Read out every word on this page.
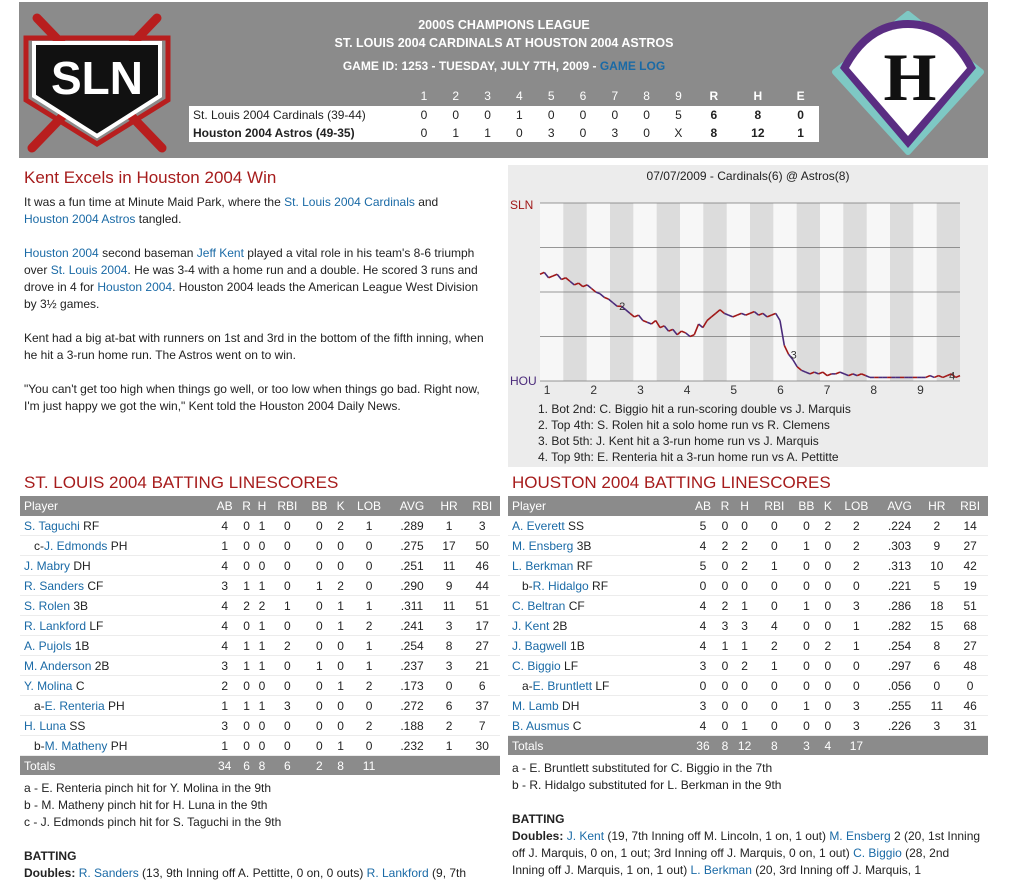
SLN
2000S CHAMPIONS LEAGUE
ST. LOUIS 2004 CARDINALS AT HOUSTON 2004 ASTROS
GAME ID: 1253 - TUESDAY, JULY 7TH, 2009 - GAME LOG
	1	2	3	4	5	6	7	8	9	R	H	E
St. Louis 2004 Cardinals (39-44)	0	0	0	1	0	0	0	0	5	6	8	0
Houston 2004 Astros (49-35)	0	1	1	0	3	0	3	0	X	8	12	1
H
Kent Excels in Houston 2004 Win

It was a fun time at Minute Maid Park, where the St. Louis 2004 Cardinals and Houston 2004 Astros tangled.

Houston 2004 second baseman Jeff Kent played a vital role in his team's 8-6 triumph over St. Louis 2004. He was 3-4 with a home run and a double. He scored 3 runs and drove in 4 for Houston 2004. Houston 2004 leads the American League West Division by 3½ games.

Kent had a big at-bat with runners on 1st and 3rd in the bottom of the fifth inning, when he hit a 3-run home run. The Astros went on to win.

"You can't get too high when things go well, or too low when things go bad. Right now, I'm just happy we got the win," Kent told the Houston 2004 Daily News.

SLN
HOU
1	2	3	4	5	6	7	8	9
2
3
4
07/07/2009 - Cardinals(6) @ Astros(8)
1. Bot 2nd: C. Biggio hit a run-scoring double vs J. Marquis
2. Top 4th: S. Rolen hit a solo home run vs R. Clemens
3. Bot 5th: J. Kent hit a 3-run home run vs J. Marquis
4. Top 9th: E. Renteria hit a 3-run home run vs A. Pettitte
ST. LOUIS 2004 BATTING LINESCORES
Player	AB	R	H	RBI	BB	K	LOB	AVG	HR	RBI
S. Taguchi RF	4	0	1	0	0	2	1	.289	1	3
c-J. Edmonds PH	1	0	0	0	0	0	0	.275	17	50
J. Mabry DH	4	0	0	0	0	0	0	.251	11	46
R. Sanders CF	3	1	1	0	1	2	0	.290	9	44
S. Rolen 3B	4	2	2	1	0	1	1	.311	11	51
R. Lankford LF	4	0	1	0	0	1	2	.241	3	17
A. Pujols 1B	4	1	1	2	0	0	1	.254	8	27
M. Anderson 2B	3	1	1	0	1	0	1	.237	3	21
Y. Molina C	2	0	0	0	0	1	2	.173	0	6
a-E. Renteria PH	1	1	1	3	0	0	0	.272	6	37
H. Luna SS	3	0	0	0	0	0	2	.188	2	7
b-M. Matheny PH	1	0	0	0	0	1	0	.232	1	30
Totals	34	6	8	6	2	8	11			
a - E. Renteria pinch hit for Y. Molina in the 9th
b - M. Matheny pinch hit for H. Luna in the 9th
c - J. Edmonds pinch hit for S. Taguchi in the 9th
BATTING
Doubles: R. Sanders (13, 9th Inning off A. Pettitte, 0 on, 0 outs) R. Lankford (9, 7th
HOUSTON 2004 BATTING LINESCORES
Player	AB	R	H	RBI	BB	K	LOB	AVG	HR	RBI
A. Everett SS	5	0	0	0	0	2	2	.224	2	14
M. Ensberg 3B	4	2	2	0	1	0	2	.303	9	27
L. Berkman RF	5	0	2	1	0	0	2	.313	10	42
b-R. Hidalgo RF	0	0	0	0	0	0	0	.221	5	19
C. Beltran CF	4	2	1	0	1	0	3	.286	18	51
J. Kent 2B	4	3	3	4	0	0	1	.282	15	68
J. Bagwell 1B	4	1	1	2	0	2	1	.254	8	27
C. Biggio LF	3	0	2	1	0	0	0	.297	6	48
a-E. Bruntlett LF	0	0	0	0	0	0	0	.056	0	0
M. Lamb DH	3	0	0	0	1	0	3	.255	11	46
B. Ausmus C	4	0	1	0	0	0	3	.226	3	31
Totals	36	8	12	8	3	4	17			
a - E. Bruntlett substituted for C. Biggio in the 7th
b - R. Hidalgo substituted for L. Berkman in the 9th
BATTING
Doubles: J. Kent (19, 7th Inning off M. Lincoln, 1 on, 1 out) M. Ensberg 2 (20, 1st Inning off J. Marquis, 0 on, 1 out; 3rd Inning off J. Marquis, 0 on, 1 out) C. Biggio (28, 2nd Inning off J. Marquis, 1 on, 1 out) L. Berkman (20, 3rd Inning off J. Marquis, 1
